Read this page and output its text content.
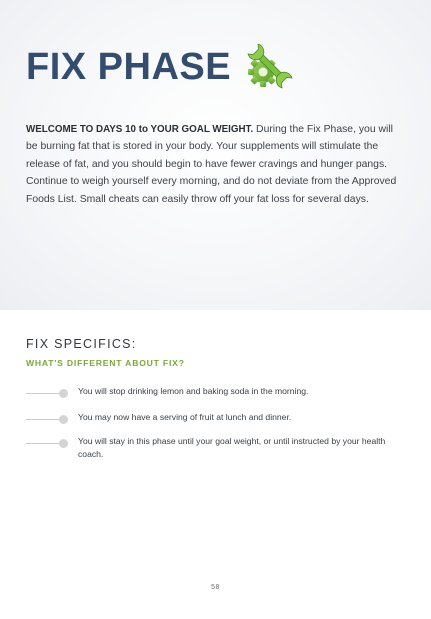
FIX PHASE
WELCOME TO DAYS 10 to YOUR GOAL WEIGHT. During the Fix Phase, you will be burning fat that is stored in your body. Your supplements will stimulate the release of fat, and you should begin to have fewer cravings and hunger pangs. Continue to weigh yourself every morning, and do not deviate from the Approved Foods List. Small cheats can easily throw off your fat loss for several days.
FIX SPECIFICS:
WHAT'S DIFFERENT ABOUT FIX?
You will stop drinking lemon and baking soda in the morning.
You may now have a serving of fruit at lunch and dinner.
You will stay in this phase until your goal weight, or until instructed by your health coach.
58
